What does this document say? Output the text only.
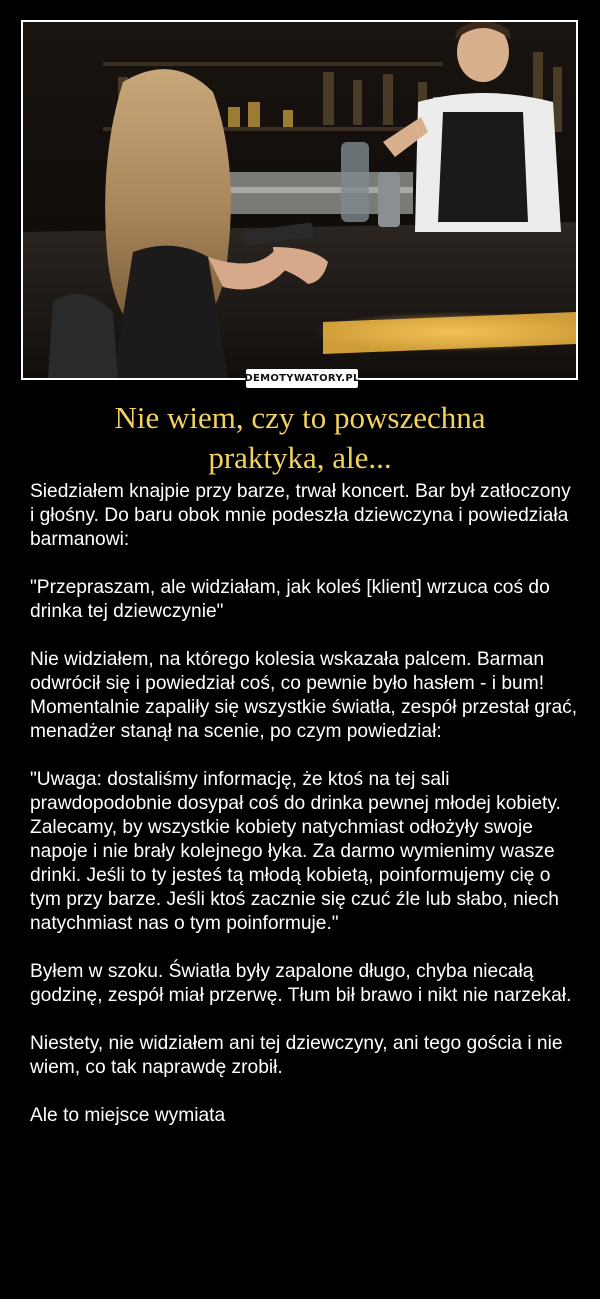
DEMOTYWATORY.PL
Nie wiem, czy to powszechna
praktyka, ale...

Siedziałem knajpie przy barze, trwał koncert. Bar był zatłoczony i głośny. Do baru obok mnie podeszła dziewczyna i powiedziała barmanowi:

"Przepraszam, ale widziałam, jak koleś [klient] wrzuca coś do drinka tej dziewczynie"

Nie widziałem, na którego kolesia wskazała palcem. Barman odwrócił się i powiedział coś, co pewnie było hasłem - i bum! Momentalnie zapaliły się wszystkie światła, zespół przestał grać, menadżer stanął na scenie, po czym powiedział:

"Uwaga: dostaliśmy informację, że ktoś na tej sali prawdopodobnie dosypał coś do drinka pewnej młodej kobiety. Zalecamy, by wszystkie kobiety natychmiast odłożyły swoje napoje i nie brały kolejnego łyka. Za darmo wymienimy wasze drinki. Jeśli to ty jesteś tą młodą kobietą, poinformujemy cię o tym przy barze. Jeśli ktoś zacznie się czuć źle lub słabo, niech natychmiast nas o tym poinformuje."

Byłem w szoku. Światła były zapalone długo, chyba niecałą godzinę, zespół miał przerwę. Tłum bił brawo i nikt nie narzekał.

Niestety, nie widziałem ani tej dziewczyny, ani tego gościa i nie wiem, co tak naprawdę zrobił.

Ale to miejsce wymiata
